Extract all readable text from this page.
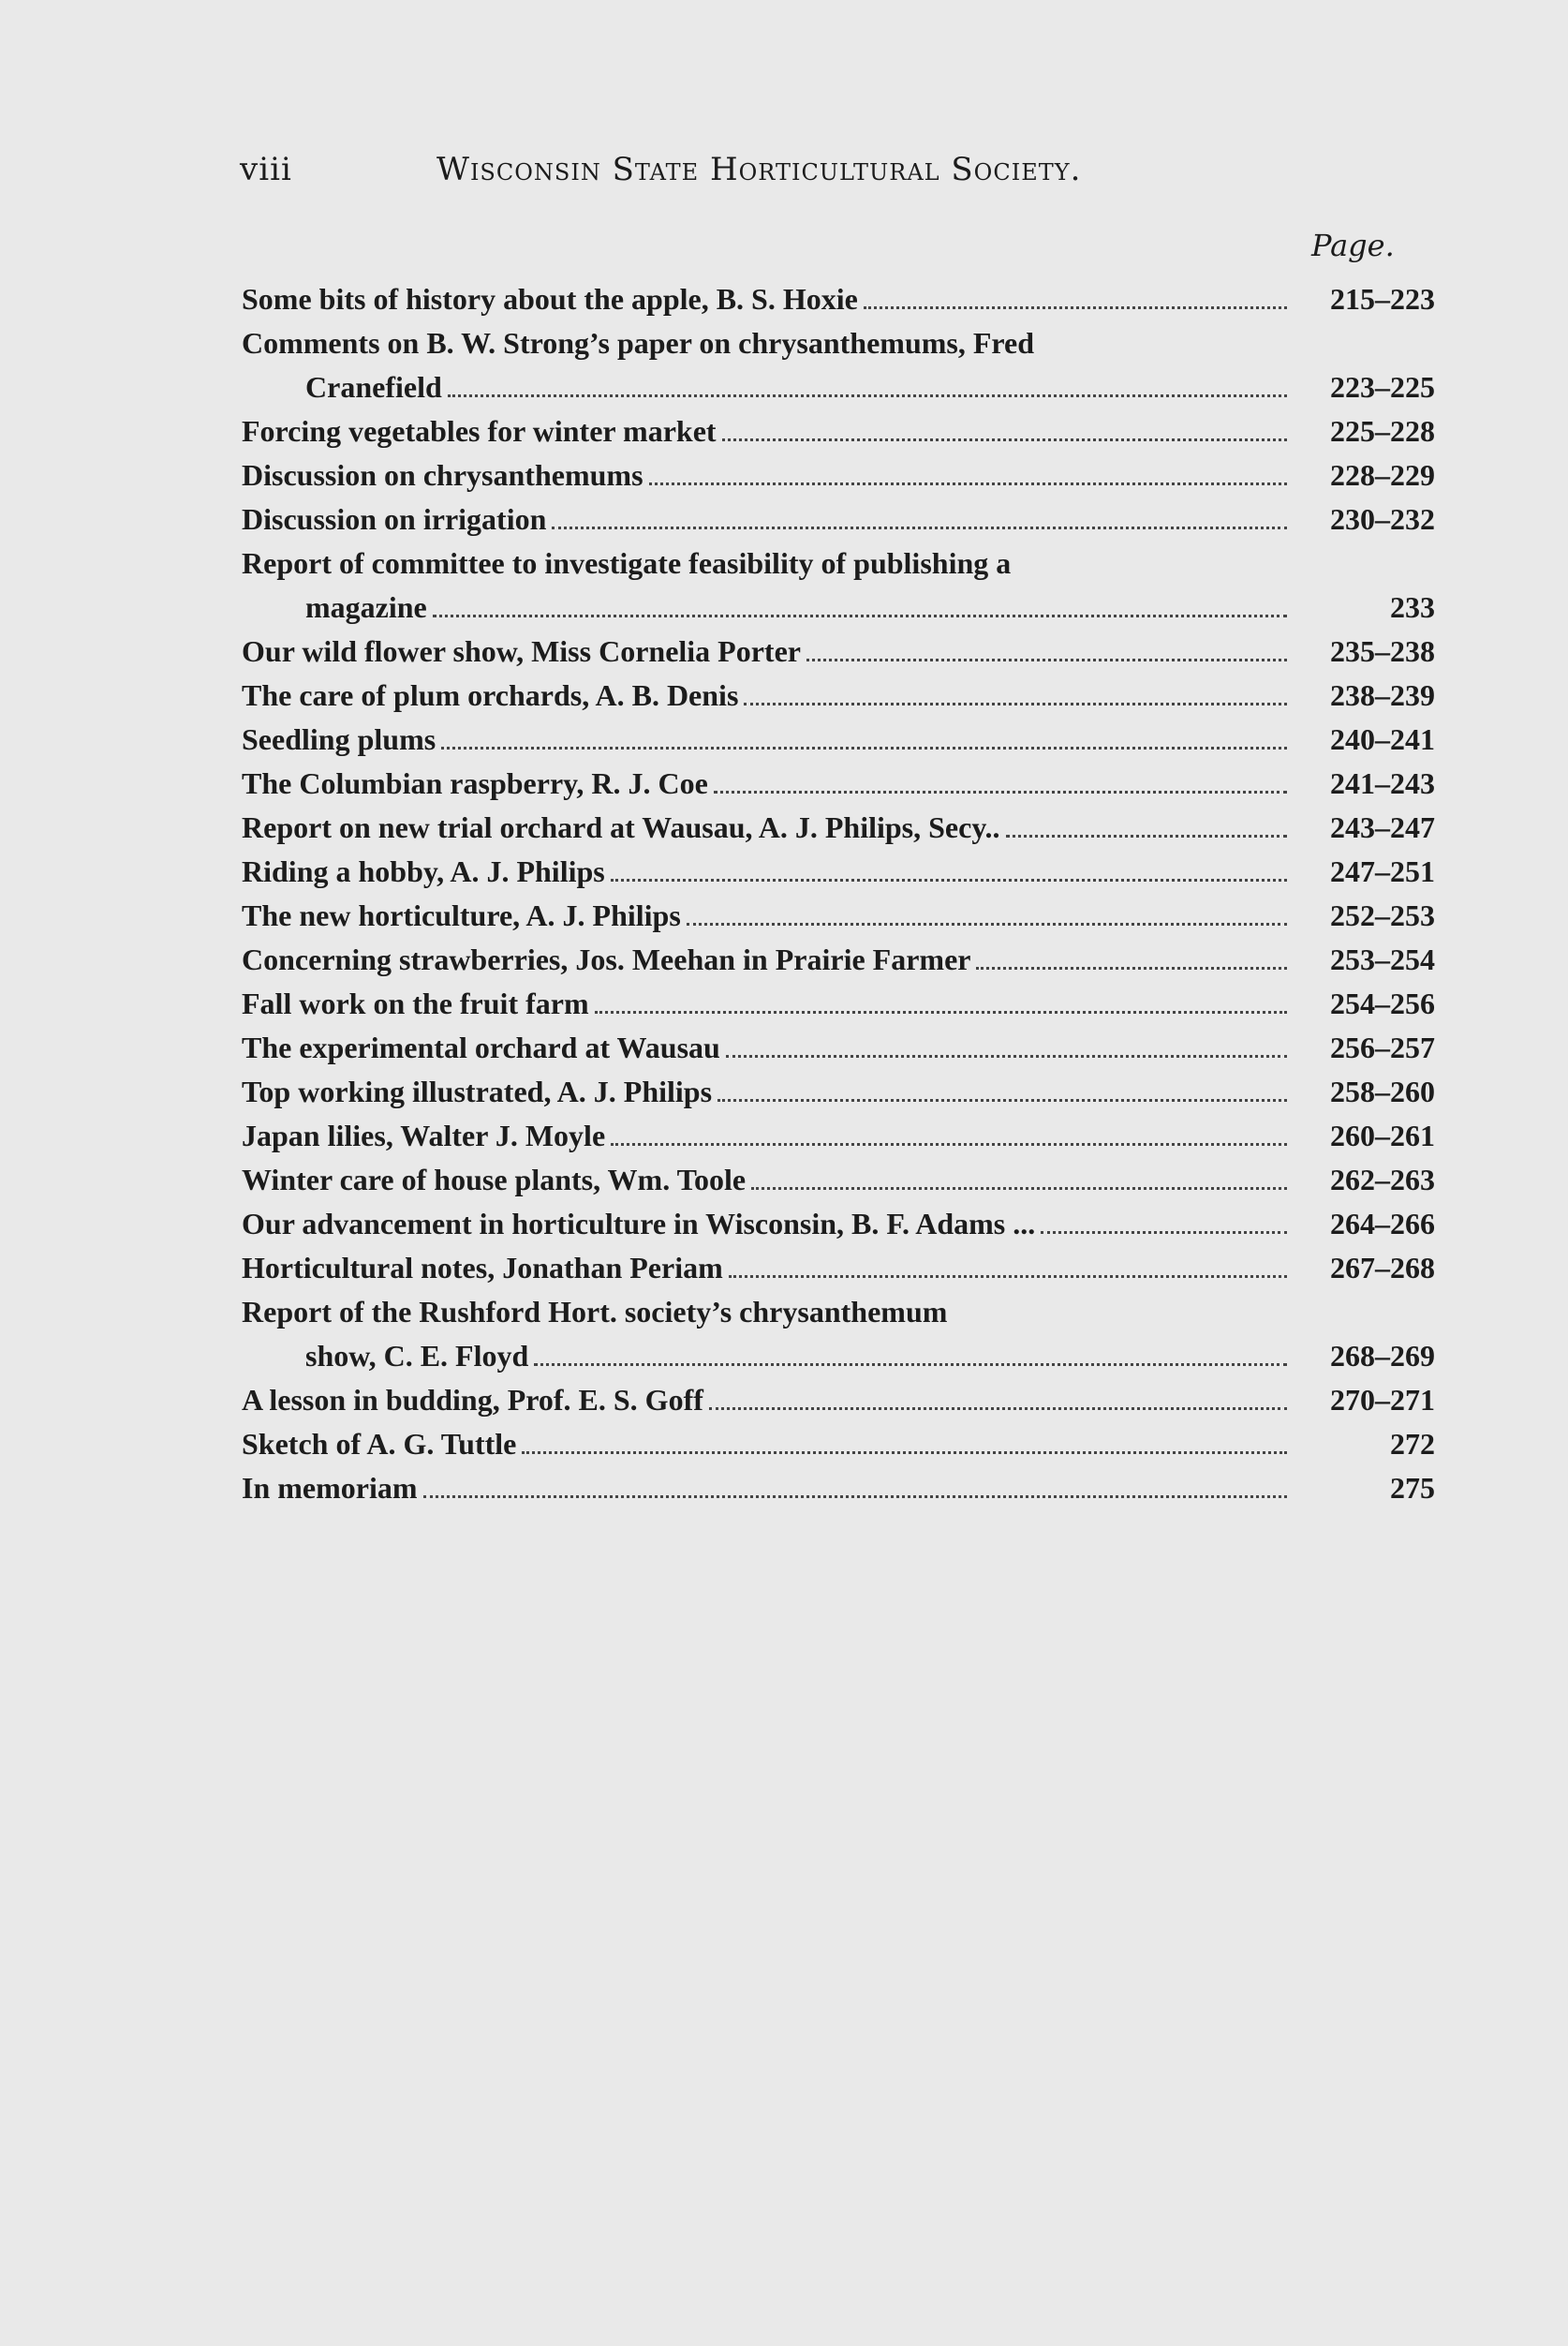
viii	Wisconsin State Horticultural Society.
Page.
Some bits of history about the apple, B. S. Hoxie	215–223
Comments on B. W. Strong’s paper on chrysanthemums, Fred
Cranefield	223–225
Forcing vegetables for winter market	225–228
Discussion on chrysanthemums	228–229
Discussion on irrigation	230–232
Report of committee to investigate feasibility of publishing a
magazine	233
Our wild flower show, Miss Cornelia Porter	235–238
The care of plum orchards, A. B. Denis	238–239
Seedling plums	240–241
The Columbian raspberry, R. J. Coe	241–243
Report on new trial orchard at Wausau, A. J. Philips, Secy..	243–247
Riding a hobby, A. J. Philips	247–251
The new horticulture, A. J. Philips	252–253
Concerning strawberries, Jos. Meehan in Prairie Farmer	253–254
Fall work on the fruit farm	254–256
The experimental orchard at Wausau	256–257
Top working illustrated, A. J. Philips	258–260
Japan lilies, Walter J. Moyle	260–261
Winter care of house plants, Wm. Toole	262–263
Our advancement in horticulture in Wisconsin, B. F. Adams ...	264–266
Horticultural notes, Jonathan Periam	267–268
Report of the Rushford Hort. society’s chrysanthemum
show, C. E. Floyd	268–269
A lesson in budding, Prof. E. S. Goff	270–271
Sketch of A. G. Tuttle	272
In memoriam	275
